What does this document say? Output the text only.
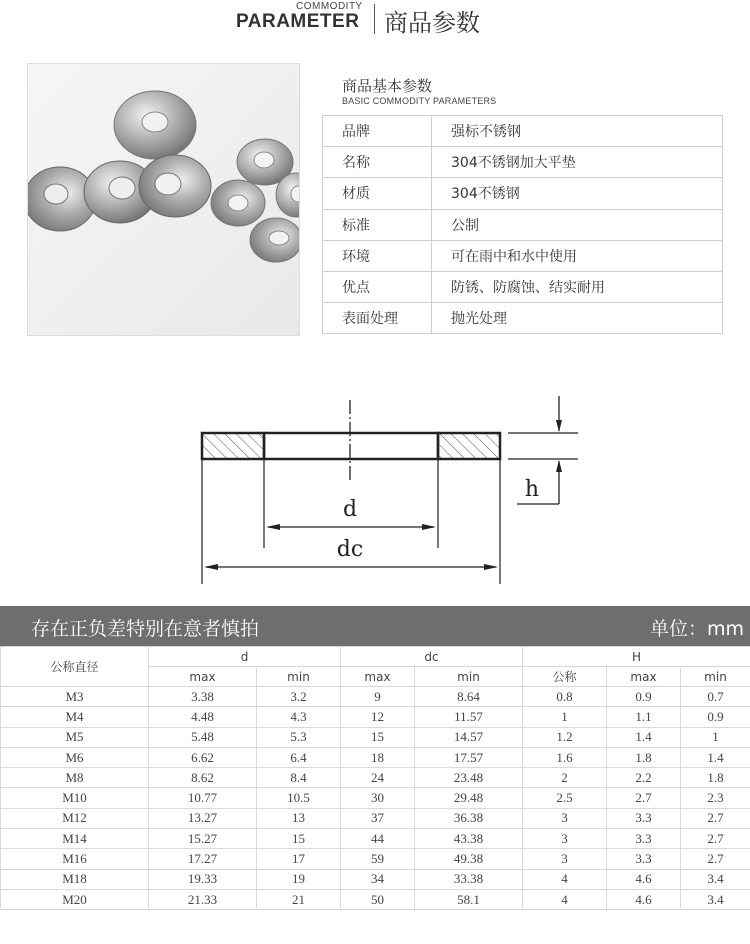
COMMODITY
PARAMETER 商品参数
商品基本参数
BASIC COMMODITY PARAMETERS
品牌	强标不锈钢
名称	304不锈钢加大平垫
材质	304不锈钢
标准	公制
环境	可在雨中和水中使用
优点	防锈、防腐蚀、结实耐用
表面处理	抛光处理
d
dc
h
存在正负差特别在意者慎拍	单位：mm
公称直径	d		dc		H		
	max	min	max	min	公称	max	min
M3	3.38	3.2	9	8.64	0.8	0.9	0.7
M4	4.48	4.3	12	11.57	1	1.1	0.9
M5	5.48	5.3	15	14.57	1.2	1.4	1
M6	6.62	6.4	18	17.57	1.6	1.8	1.4
M8	8.62	8.4	24	23.48	2	2.2	1.8
M10	10.77	10.5	30	29.48	2.5	2.7	2.3
M12	13.27	13	37	36.38	3	3.3	2.7
M14	15.27	15	44	43.38	3	3.3	2.7
M16	17.27	17	59	49.38	3	3.3	2.7
M18	19.33	19	34	33.38	4	4.6	3.4
M20	21.33	21	50	58.1	4	4.6	3.4
